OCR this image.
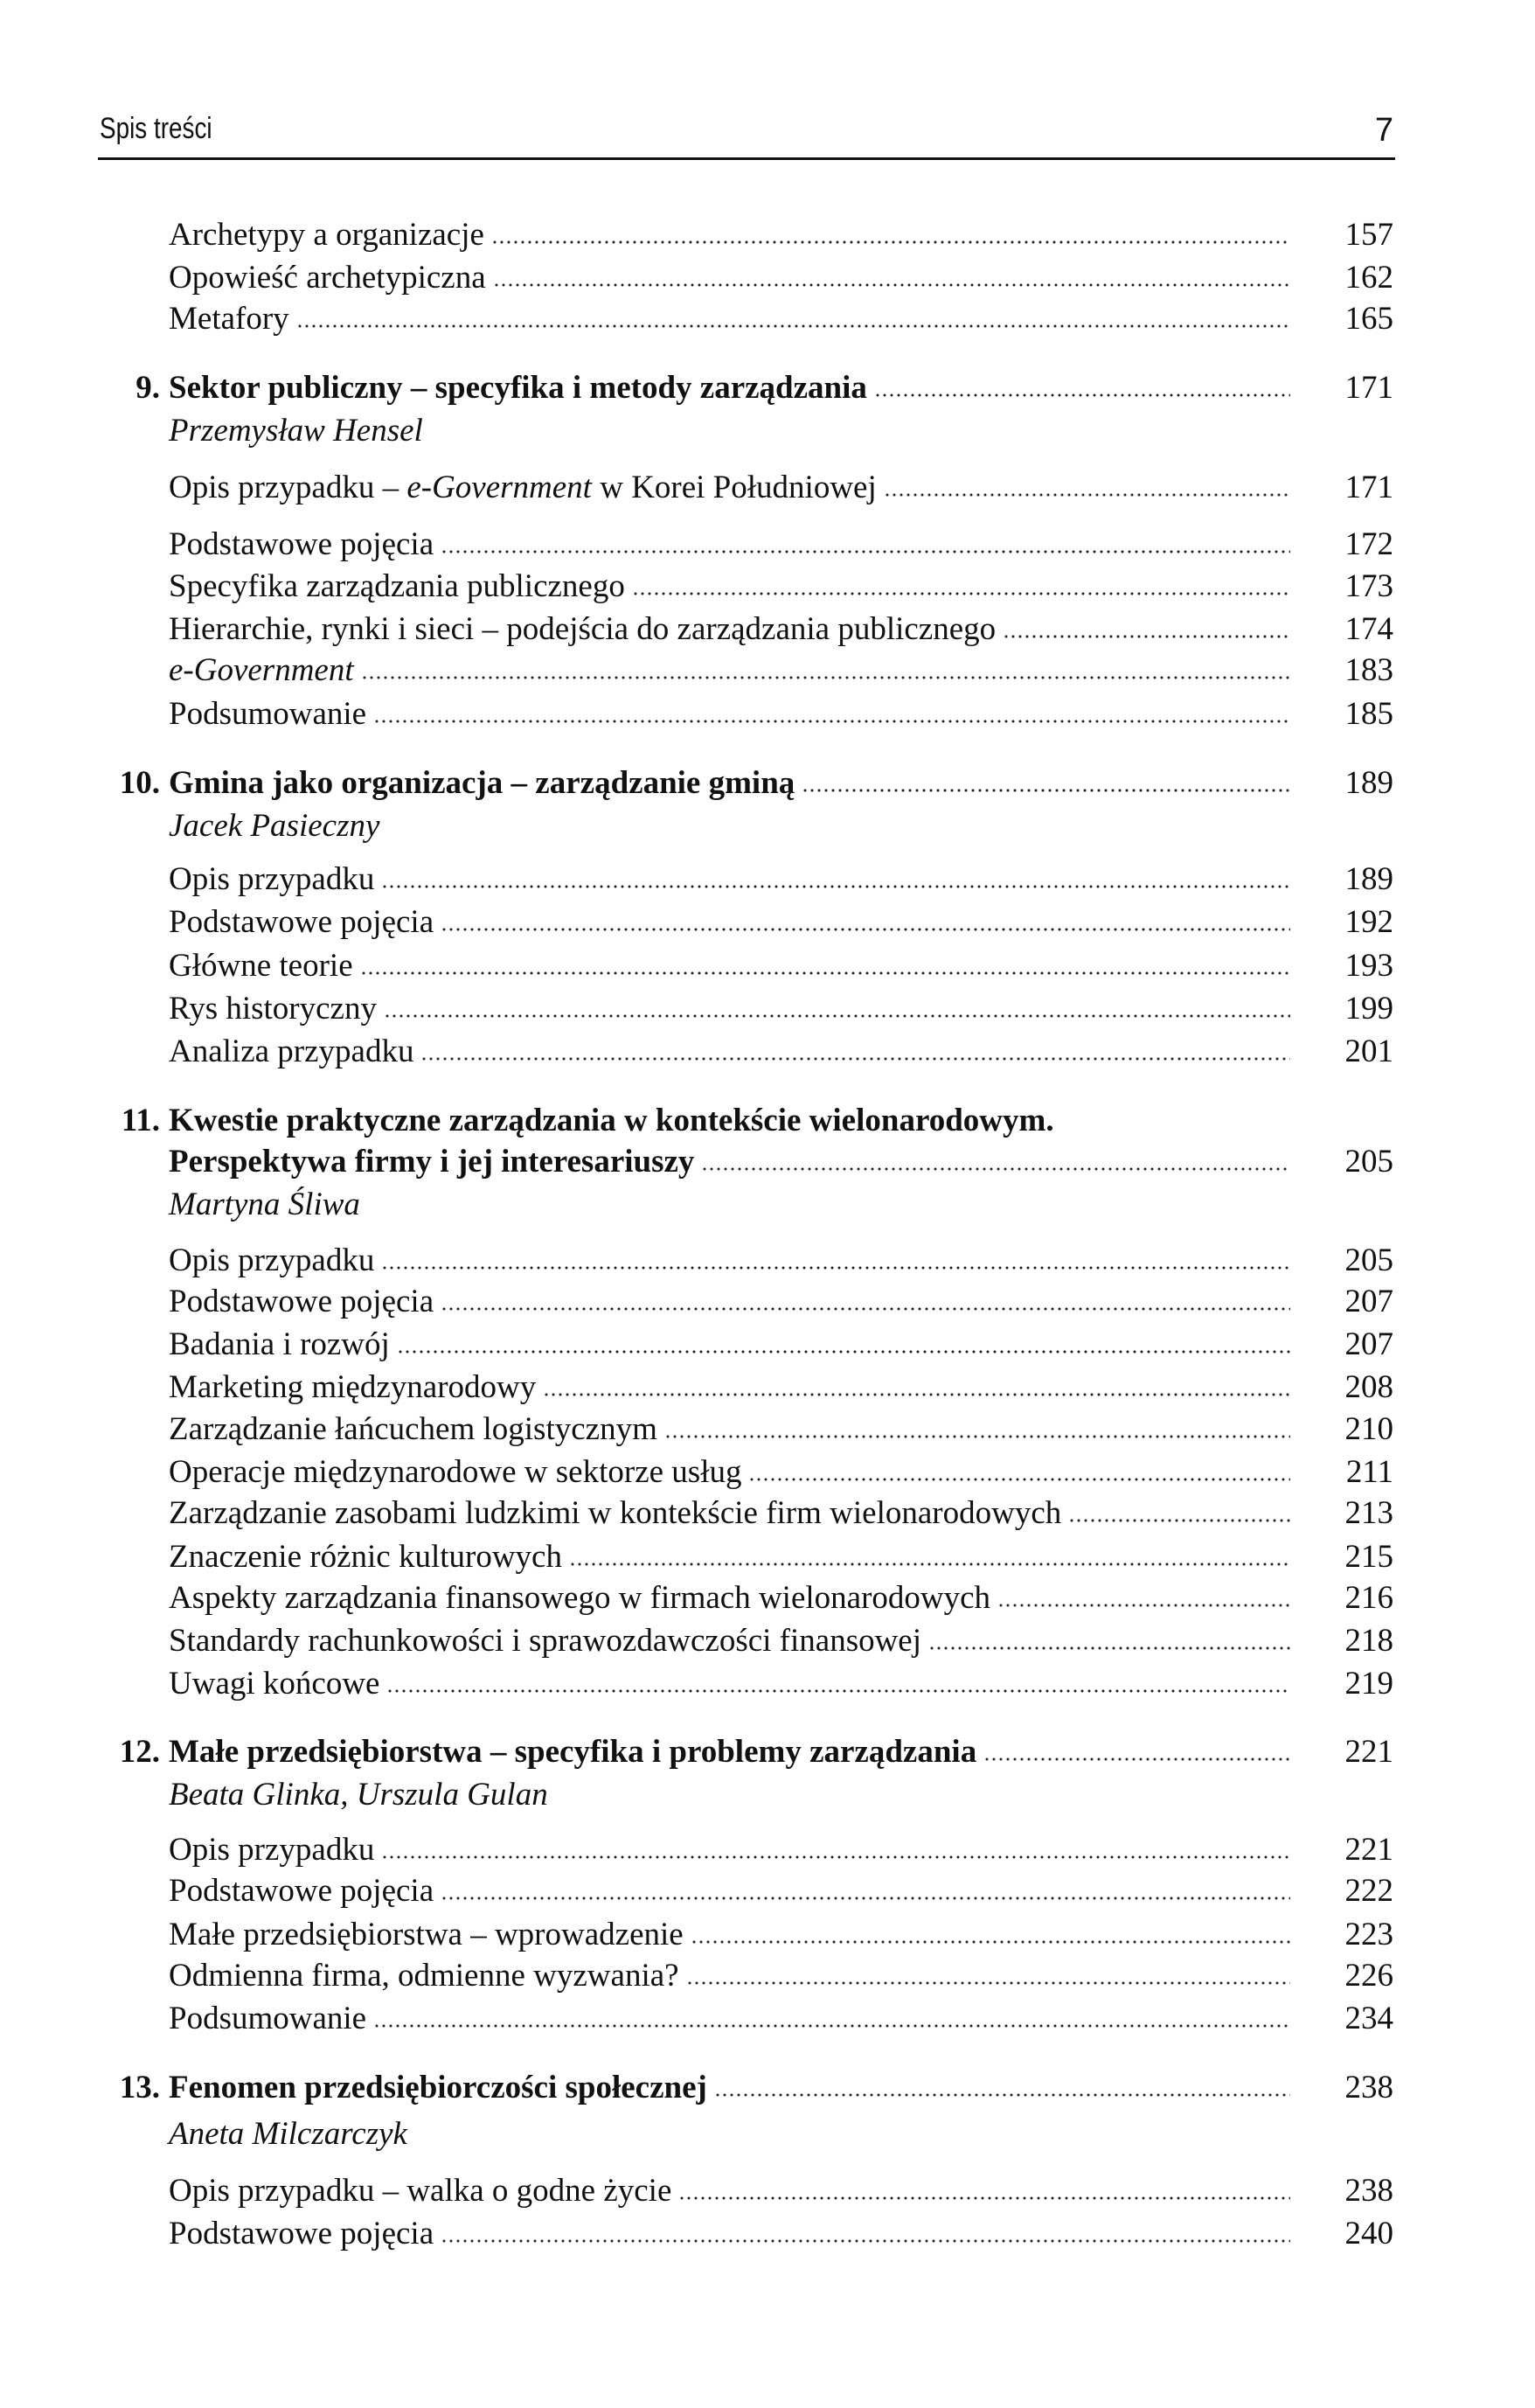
Spis treści	7
Archetypy a organizacje	157
Opowieść archetypiczna	162
Metafory	165
9. Sektor publiczny – specyfika i metody zarządzania	171
Przemysław Hensel
Opis przypadku – e-Government w Korei Południowej	171
Podstawowe pojęcia	172
Specyfika zarządzania publicznego	173
Hierarchie, rynki i sieci – podejścia do zarządzania publicznego	174
e-Government	183
Podsumowanie	185
10. Gmina jako organizacja – zarządzanie gminą	189
Jacek Pasieczny
Opis przypadku	189
Podstawowe pojęcia	192
Główne teorie	193
Rys historyczny	199
Analiza przypadku	201
11. Kwestie praktyczne zarządzania w kontekście wielonarodowym.
Perspektywa firmy i jej interesariuszy	205
Martyna Śliwa
Opis przypadku	205
Podstawowe pojęcia	207
Badania i rozwój	207
Marketing międzynarodowy	208
Zarządzanie łańcuchem logistycznym	210
Operacje międzynarodowe w sektorze usług	211
Zarządzanie zasobami ludzkimi w kontekście firm wielonarodowych	213
Znaczenie różnic kulturowych	215
Aspekty zarządzania finansowego w firmach wielonarodowych	216
Standardy rachunkowości i sprawozdawczości finansowej	218
Uwagi końcowe	219
12. Małe przedsiębiorstwa – specyfika i problemy zarządzania	221
Beata Glinka, Urszula Gulan
Opis przypadku	221
Podstawowe pojęcia	222
Małe przedsiębiorstwa – wprowadzenie	223
Odmienna firma, odmienne wyzwania?	226
Podsumowanie	234
13. Fenomen przedsiębiorczości społecznej	238
Aneta Milczarczyk
Opis przypadku – walka o godne życie	238
Podstawowe pojęcia	240
